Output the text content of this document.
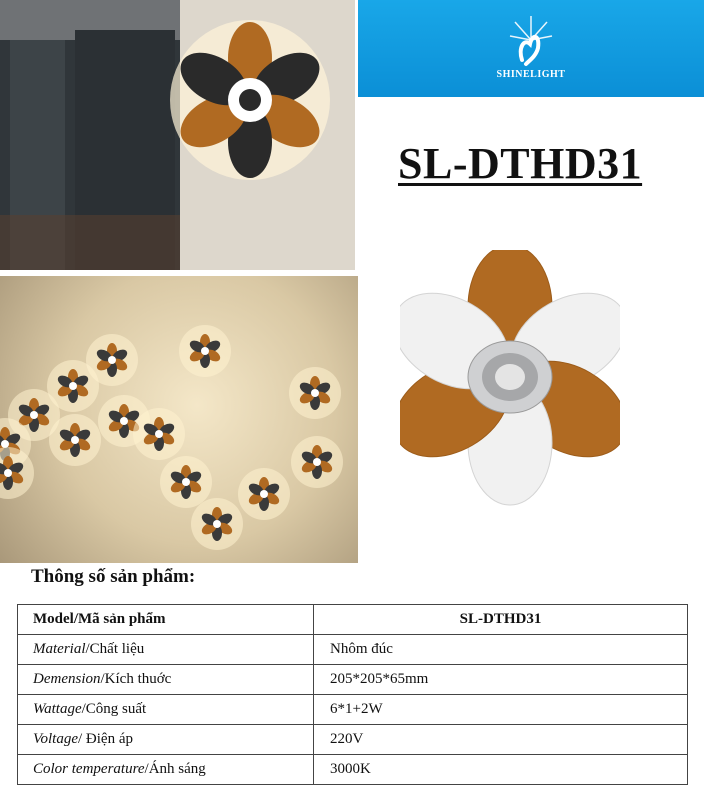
SHINELIGHT
SL-DTHD31
Thông số sản phẩm:
Model/Mã sản phẩm	SL-DTHD31
Material/Chất liệu	Nhôm đúc
Demension/Kích thuớc	205*205*65mm
Wattage/Công suất	6*1+2W
Voltage/ Điện áp	220V
Color temperature/Ánh sáng	3000K
